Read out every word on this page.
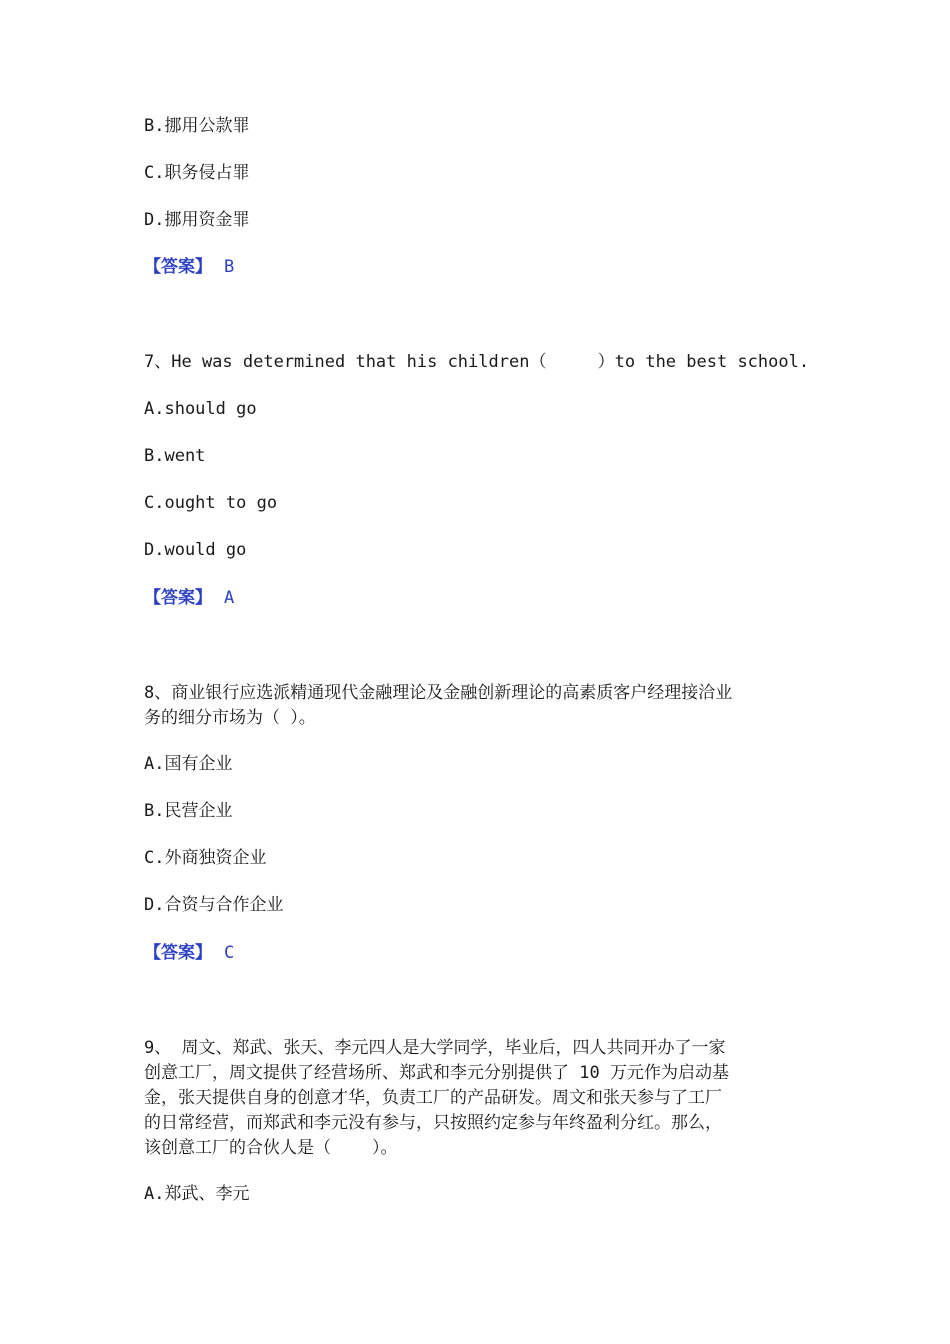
B.挪用公款罪
C.职务侵占罪
D.挪用资金罪
【答案】 B
7、He was determined that his children（     ）to the best school.
A.should go
B.went
C.ought to go
D.would go
【答案】 A
8、商业银行应选派精通现代金融理论及金融创新理论的高素质客户经理接洽业
务的细分市场为（ ）。
A.国有企业
B.民营企业
C.外商独资企业
D.合资与合作企业
【答案】 C
9、 周文、郑武、张天、李元四人是大学同学，毕业后，四人共同开办了一家
创意工厂，周文提供了经营场所、郑武和李元分别提供了 10 万元作为启动基
金，张天提供自身的创意才华，负责工厂的产品研发。周文和张天参与了工厂
的日常经营，而郑武和李元没有参与，只按照约定参与年终盈利分红。那么，
该创意工厂的合伙人是（    ）。
A.郑武、李元
